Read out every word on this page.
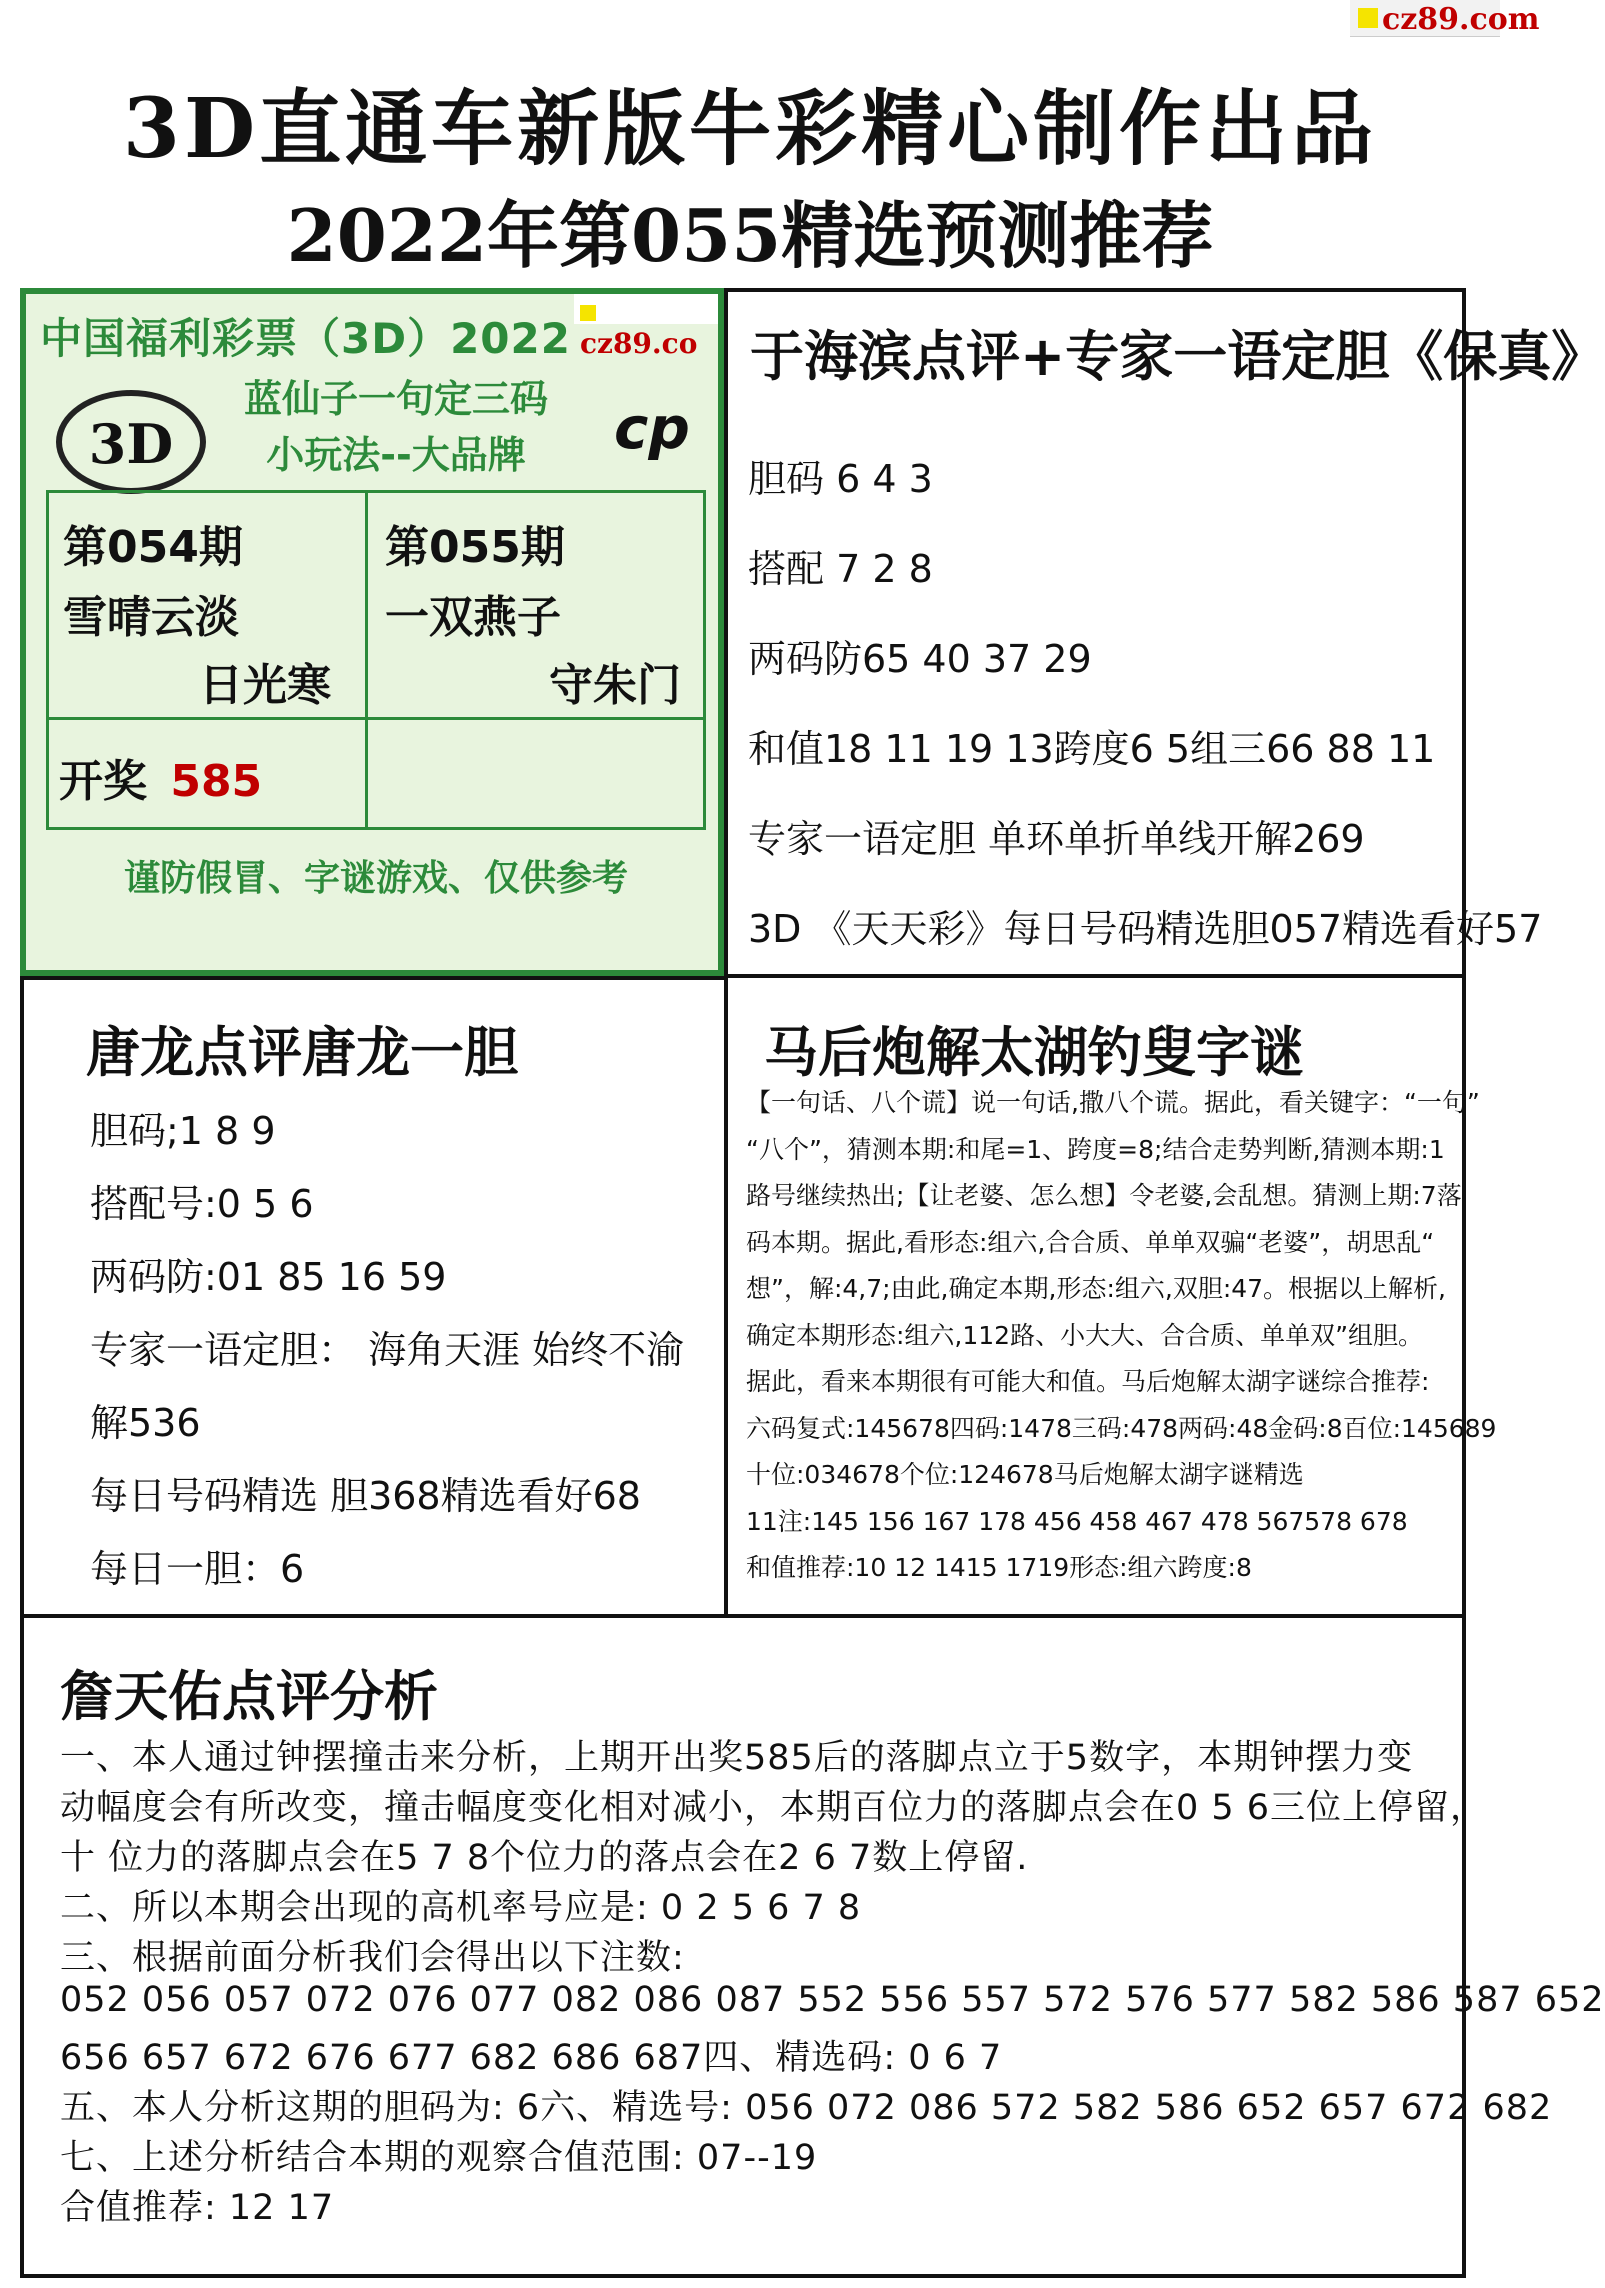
cz89.com
3D直通车新版牛彩精心制作出品
2022年第055精选预测推荐
中国福利彩票（3D）2022 cz89.co
3D	cp
蓝仙子一句定三码
小玩法--大品牌
第054期
雪晴云淡
日光寒
第055期
一双燕子
守朱门
开奖 585
谨防假冒、字谜游戏、仅供参考
于海滨点评+专家一语定胆《保真》
胆码 6 4 3
搭配 7 2 8
两码防65 40 37 29
和值18 11 19 13跨度6 5组三66 88 11
专家一语定胆 单环单折单线开解269
3D 《天天彩》每日号码精选胆057精选看好57
唐龙点评唐龙一胆
胆码;1 8 9
搭配号:0 5 6
两码防:01 85 16 59
专家一语定胆： 海角天涯 始终不渝
解536
每日号码精选 胆368精选看好68
每日一胆：6
马后炮解太湖钓叟字谜
【一句话、八个谎】说一句话,撒八个谎。据此，看关键字：“一句”
“八个”，猜测本期:和尾=1、跨度=8;结合走势判断,猜测本期:1
路号继续热出;【让老婆、怎么想】令老婆,会乱想。猜测上期:7落
码本期。据此,看形态:组六,合合质、单单双骗“老婆”，胡思乱“
想”，解:4,7;由此,确定本期,形态:组六,双胆:47。根据以上解析,
确定本期形态:组六,112路、小大大、合合质、单单双”组胆。
据此，看来本期很有可能大和值。马后炮解太湖字谜综合推荐:
六码复式:145678四码:1478三码:478两码:48金码:8百位:145689
十位:034678个位:124678马后炮解太湖字谜精选
11注:145 156 167 178 456 458 467 478 567578 678
和值推荐:10 12 1415 1719形态:组六跨度:8
詹天佑点评分析
一、本人通过钟摆撞击来分析，上期开出奖585后的落脚点立于5数字，本期钟摆力变
动幅度会有所改变，撞击幅度变化相对减小，本期百位力的落脚点会在0 5 6三位上停留，
十 位力的落脚点会在5 7 8个位力的落点会在2 6 7数上停留.
二、所以本期会出现的高机率号应是: 0 2 5 6 7 8
三、根据前面分析我们会得出以下注数:
052 056 057 072 076 077 082 086 087 552 556 557 572 576 577 582 586 587 652
656 657 672 676 677 682 686 687四、精选码: 0 6 7
五、本人分析这期的胆码为: 6六、精选号: 056 072 086 572 582 586 652 657 672 682
七、上述分析结合本期的观察合值范围: 07--19
合值推荐: 12 17
